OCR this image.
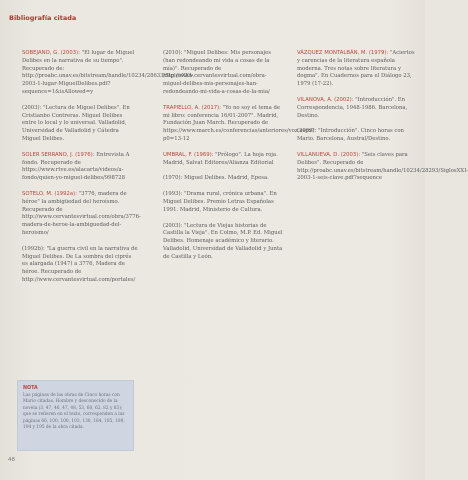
Bibliografía citada
SOBEJANO, G. (2003): "El lugar de Miguel Delibes en la narrativa de su tiempo". Recuperado de: http://proabc.unav.es/bitstream/handle/10234/28633/SiglosXXI-2003-1-lugar-MiguelDelibes.pdf?sequence=1&isAllowed=y
(2003): "Lectura de Miguel Delibes". En Cristianbo Contreras. Miguel Delibes entre lo local y lo universal. Valladolid, Universidad de Valladolid y Cátedra Miguel Delibes.
SOLER SERRANO, J. (1976): Entrevista A fondo. Recuperado de https://www.rtve.es/alacarta/videos/a-fondo/quien-yo-miguel-delibes/998728
SOTELO, M. (1992a): "3776, madera de héroe" la ambigüedad del heroísmo. Recuperado de http://www.cervantesvirtual.com/obra/3776-madera-de-heroe-la-ambiguedad-del-heroismo/
(1992b): "La guerra civil en la narrativa de Miguel Delibes. De La sombra del ciprés es alargada (1947) a 3776, Madera de héroe. Recuperado de http://www.cervantesvirtual.com/portales/
(2010): "Miguel Delibes: Mis personajes (han redondeando mi vida a cosas de la mía)". Recuperado de http://www.cervantesvirtual.com/obra-miguel-delibes-mis-personajes-han-redondeando-mi-vida-a-cosas-de-la-mia/
TRAPIELLO, A. (2017): "Yo no soy el tema de mi libro: conferencia 16/01-2007". Madrid, Fundación Juan March. Recuperado de https://www.march.es/conferencias/anteriores/voz.aspx?p0=13-12
UMBRAL, F. (1969): "Prólogo". La hoja roja. Madrid, Salvat Editores/Alianza Editorial
(1970): Miguel Delibes. Madrid, Epesa.
(1993): "Drama rural, crónica urbana". En Miguel Delibes. Premio Letras Españolas 1991. Madrid, Ministerio de Cultura.
(2003): "Lectura de Viejas historias de Castilla la Vieja". En Colmo, M.P. Ed. Miguel Delibes. Homenaje académico y literario. Valladolid, Universidad de Valladolid y Junta de Castilla y León.
VÁZQUEZ MONTALBÁN, M. (1979): "Aciertos y carencias de la literatura española moderna. Tres notas sobre literatura y dogma". En Cuadernos para el Diálogo 23, 1979 (17-22).
VILANOVA, A. (2002): "Introducción". En Correspondencia, 1948-1986. Barcelona, Destino.
(2009): "Introducción". Cinco horas con Mario. Barcelona, Austral/Destino.
VILLANUEVA, D. (2003): "Seis claves para Delibes". Recuperado de http://proabc.unav.es/bitstream/handle/10234/28293/SiglosXXI-2003-1-seis-clave.pdf?sequence
NOTA
Las páginas de las obras de Cinco horas con Mario citadas, Hombre y desconocido de la novela (3, 47, 46, 47, 48, 53, 60, 62, 82 y 83); que se refieren en el texto, corresponden a las páginas 66, 100, 100, 103, 130, 164, 185, 189, 194 y 195 de la obra citada.
48
